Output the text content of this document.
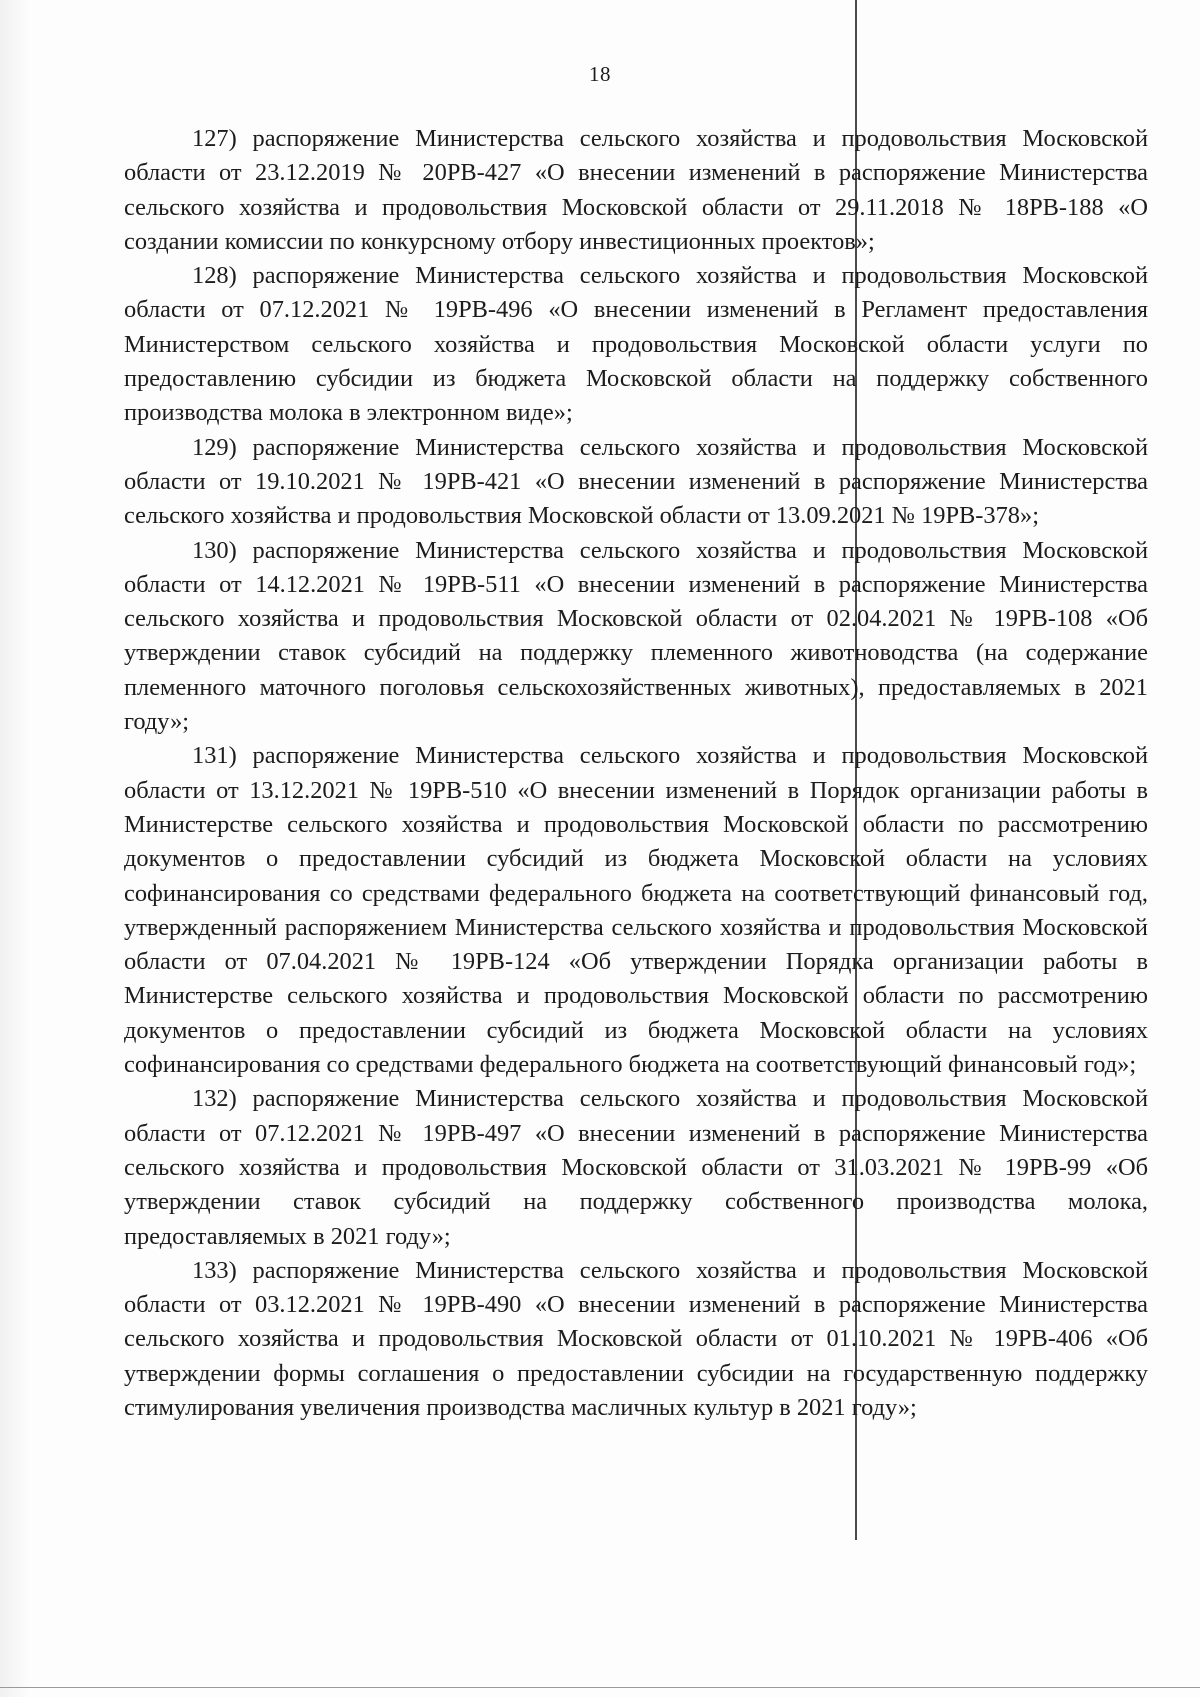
18

127) распоряжение Министерства сельского хозяйства и продовольствия Московской области от 23.12.2019 № 20РВ-427 «О внесении изменений в распоряжение Министерства сельского хозяйства и продовольствия Московской области от 29.11.2018 № 18РВ-188 «О создании комиссии по конкурсному отбору инвестиционных проектов»;

128) распоряжение Министерства сельского хозяйства и продовольствия Московской области от 07.12.2021 № 19РВ-496 «О внесении изменений в Регламент предоставления Министерством сельского хозяйства и продовольствия Московской области услуги по предоставлению субсидии из бюджета Московской области на поддержку собственного производства молока в электронном виде»;

129) распоряжение Министерства сельского хозяйства и продовольствия Московской области от 19.10.2021 № 19РВ-421 «О внесении изменений в распоряжение Министерства сельского хозяйства и продовольствия Московской области от 13.09.2021 № 19РВ-378»;

130) распоряжение Министерства сельского хозяйства и продовольствия Московской области от 14.12.2021 № 19РВ-511 «О внесении изменений в распоряжение Министерства сельского хозяйства и продовольствия Московской области от 02.04.2021 № 19РВ-108 «Об утверждении ставок субсидий на поддержку племенного животноводства (на содержание племенного маточного поголовья сельскохозяйственных животных), предоставляемых в 2021 году»;

131) распоряжение Министерства сельского хозяйства и продовольствия Московской области от 13.12.2021 № 19РВ-510 «О внесении изменений в Порядок организации работы в Министерстве сельского хозяйства и продовольствия Московской области по рассмотрению документов о предоставлении субсидий из бюджета Московской области на условиях софинансирования со средствами федерального бюджета на соответствующий финансовый год, утвержденный распоряжением Министерства сельского хозяйства и продовольствия Московской области от 07.04.2021 № 19РВ-124 «Об утверждении Порядка организации работы в Министерстве сельского хозяйства и продовольствия Московской области по рассмотрению документов о предоставлении субсидий из бюджета Московской области на условиях софинансирования со средствами федерального бюджета на соответствующий финансовый год»;

132) распоряжение Министерства сельского хозяйства и продовольствия Московской области от 07.12.2021 № 19РВ-497 «О внесении изменений в распоряжение Министерства сельского хозяйства и продовольствия Московской области от 31.03.2021 № 19РВ-99 «Об утверждении ставок субсидий на поддержку собственного производства молока, предоставляемых в 2021 году»;

133) распоряжение Министерства сельского хозяйства и продовольствия Московской области от 03.12.2021 № 19РВ-490 «О внесении изменений в распоряжение Министерства сельского хозяйства и продовольствия Московской области от 01.10.2021 № 19РВ-406 «Об утверждении формы соглашения о предоставлении субсидии на государственную поддержку стимулирования увеличения производства масличных культур в 2021 году»;
